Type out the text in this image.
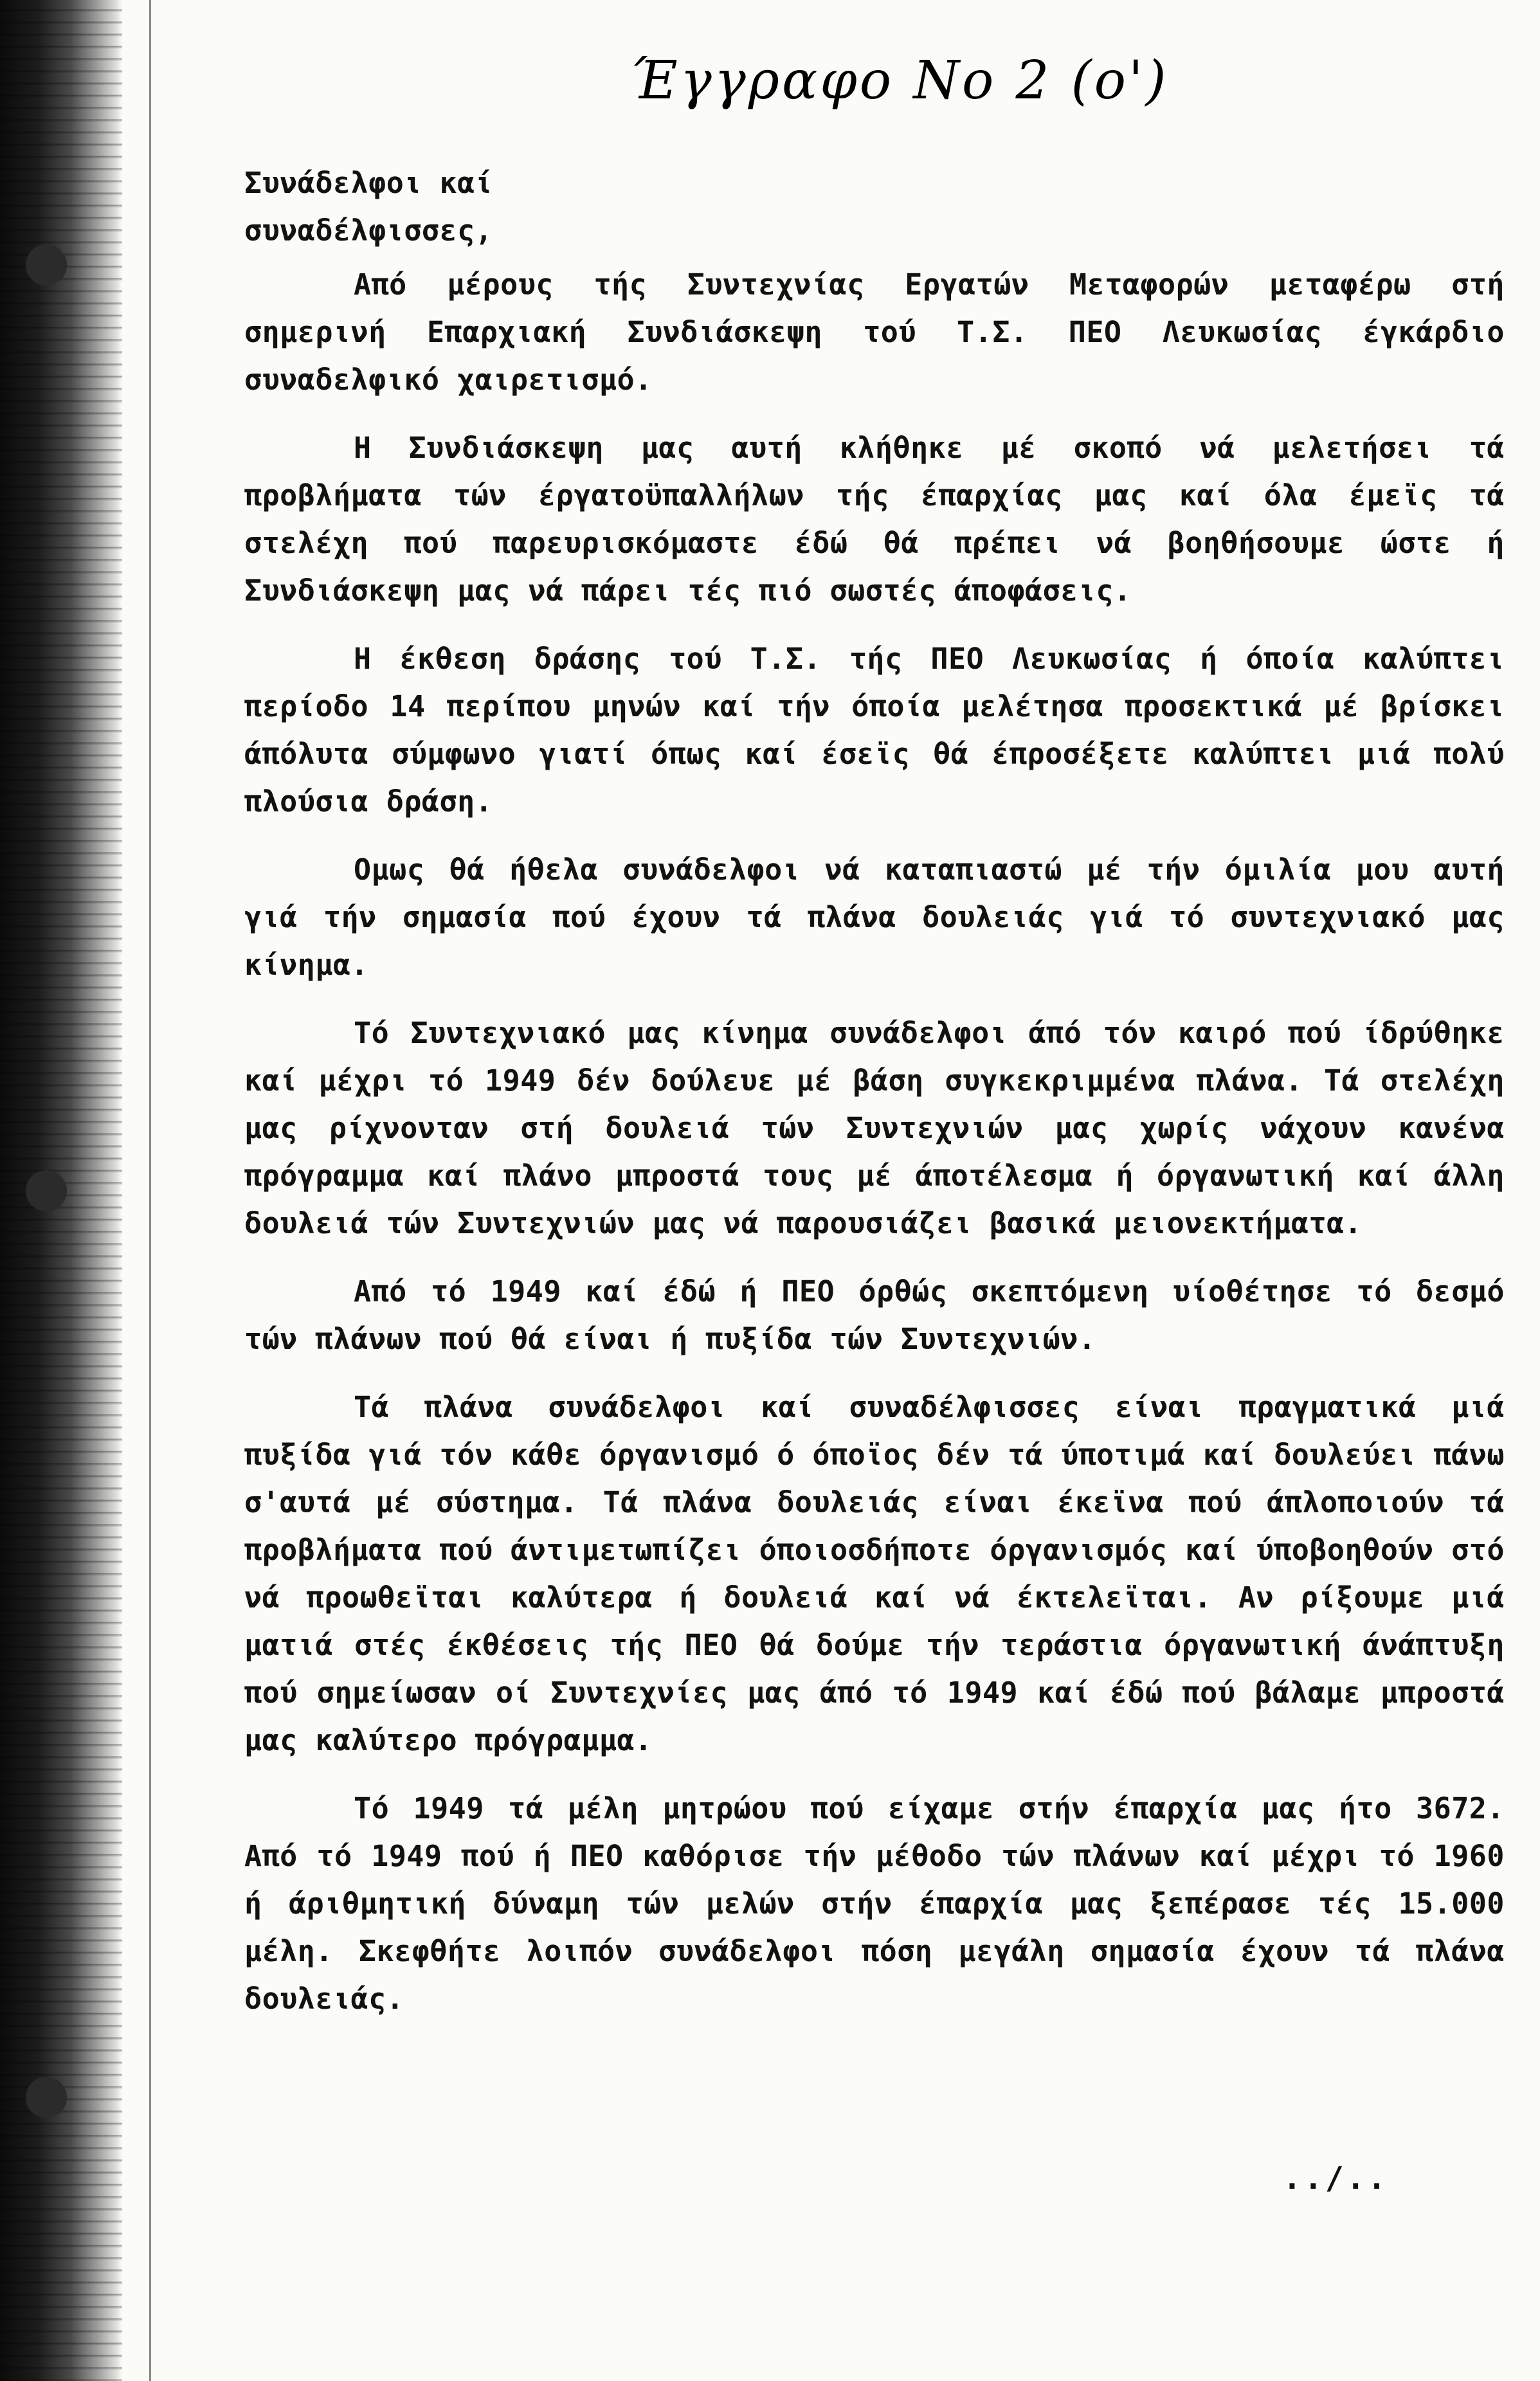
Έγγραφο Νο 2 (ο')
Συνάδελφοι καί
συναδέλφισσες,

Από μέρους τής Συντεχνίας Εργατών Μεταφορών μεταφέρω στή σημερινή Επαρχιακή Συνδιάσκεψη τού Τ.Σ. ΠΕΟ Λευκωσίας έγκάρδιο συναδελφικό χαιρετισμό.

Η Συνδιάσκεψη μας αυτή κλήθηκε μέ σκοπό νά μελετήσει τά προβλήματα τών έργατοϋπαλλήλων τής έπαρχίας μας καί όλα έμεϊς τά στελέχη πού παρευρισκόμαστε έδώ θά πρέπει νά βοηθήσουμε ώστε ή Συνδιάσκεψη μας νά πάρει τές πιό σωστές άποφάσεις.

Η έκθεση δράσης τού Τ.Σ. τής ΠΕΟ Λευκωσίας ή όποία καλύπτει περίοδο 14 περίπου μηνών καί τήν όποία μελέτησα προσεκτικά μέ βρίσκει άπόλυτα σύμφωνο γιατί όπως καί έσεϊς θά έπροσέξετε καλύπτει μιά πολύ πλούσια δράση.

Ομως θά ήθελα συνάδελφοι νά καταπιαστώ μέ τήν όμιλία μου αυτή γιά τήν σημασία πού έχουν τά πλάνα δουλειάς γιά τό συντεχνιακό μας κίνημα.

Τό Συντεχνιακό μας κίνημα συνάδελφοι άπό τόν καιρό πού ίδρύθηκε καί μέχρι τό 1949 δέν δούλευε μέ βάση συγκεκριμμένα πλάνα. Τά στελέχη μας ρίχνονταν στή δουλειά τών Συντεχνιών μας χωρίς νάχουν κανένα πρόγραμμα καί πλάνο μπροστά τους μέ άποτέλεσμα ή όργανωτική καί άλλη δουλειά τών Συντεχνιών μας νά παρουσιάζει βασικά μειονεκτήματα.

Από τό 1949 καί έδώ ή ΠΕΟ όρθώς σκεπτόμενη υίοθέτησε τό δεσμό τών πλάνων πού θά είναι ή πυξίδα τών Συντεχνιών.

Τά πλάνα συνάδελφοι καί συναδέλφισσες είναι πραγματικά μιά πυξίδα γιά τόν κάθε όργανισμό ό όποϊος δέν τά ύποτιμά καί δουλεύει πάνω σ'αυτά μέ σύστημα. Τά πλάνα δουλειάς είναι έκεϊνα πού άπλοποιούν τά προβλήματα πού άντιμετωπίζει όποιοσδήποτε όργανισμός καί ύποβοηθούν στό νά προωθεϊται καλύτερα ή δουλειά καί νά έκτελεϊται. Αν ρίξουμε μιά ματιά στές έκθέσεις τής ΠΕΟ θά δούμε τήν τεράστια όργανωτική άνάπτυξη πού σημείωσαν οί Συντεχνίες μας άπό τό 1949 καί έδώ πού βάλαμε μπροστά μας καλύτερο πρόγραμμα.

Τό 1949 τά μέλη μητρώου πού είχαμε στήν έπαρχία μας ήτο 3672. Από τό 1949 πού ή ΠΕΟ καθόρισε τήν μέθοδο τών πλάνων καί μέχρι τό 1960 ή άριθμητική δύναμη τών μελών στήν έπαρχία μας ξεπέρασε τές 15.000 μέλη. Σκεφθήτε λοιπόν συνάδελφοι πόση μεγάλη σημασία έχουν τά πλάνα δουλειάς.

../..
